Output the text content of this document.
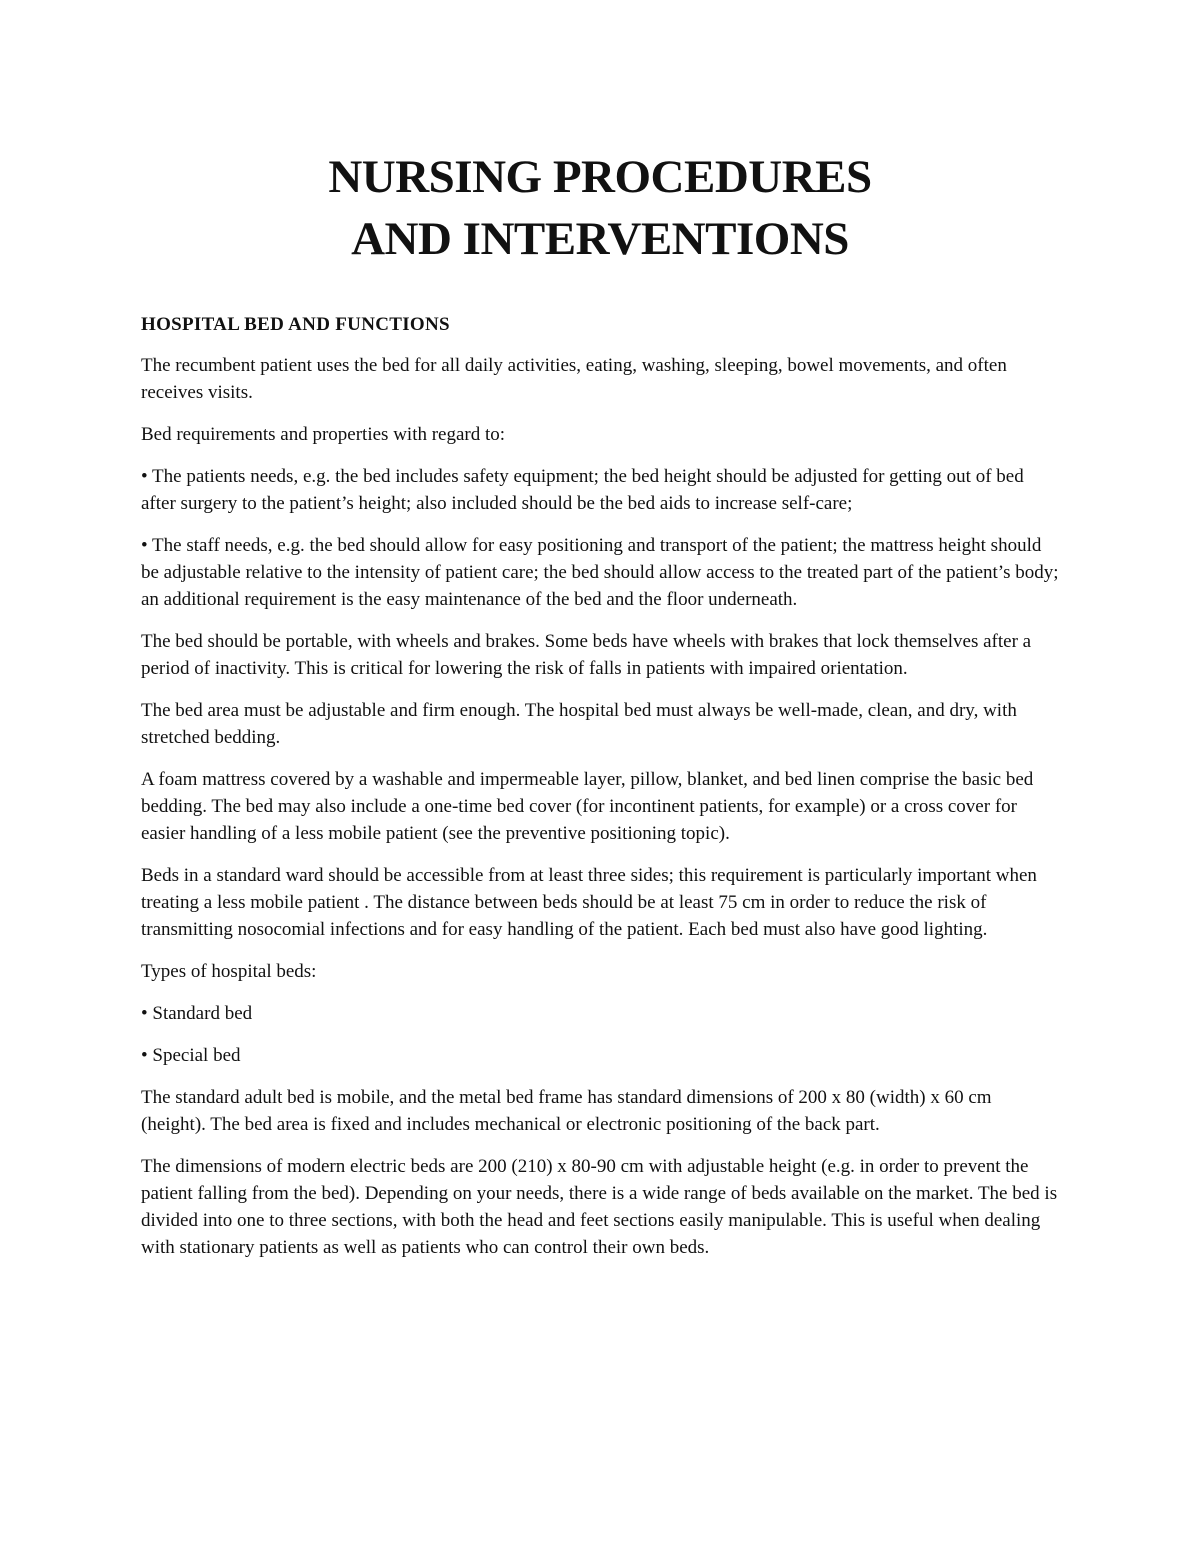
NURSING PROCEDURES
AND INTERVENTIONS

HOSPITAL BED AND FUNCTIONS

The recumbent patient uses the bed for all daily activities, eating, washing, sleeping, bowel movements, and often receives visits.

Bed requirements and properties with regard to:

• The patients needs, e.g. the bed includes safety equipment; the bed height should be adjusted for getting out of bed after surgery to the patient’s height; also included should be the bed aids to increase self-care;

• The staff needs, e.g. the bed should allow for easy positioning and transport of the patient; the mattress height should be adjustable relative to the intensity of patient care; the bed should allow access to the treated part of the patient’s body; an additional requirement is the easy maintenance of the bed and the floor underneath.

The bed should be portable, with wheels and brakes. Some beds have wheels with brakes that lock themselves after a period of inactivity. This is critical for lowering the risk of falls in patients with impaired orientation.

The bed area must be adjustable and firm enough. The hospital bed must always be well-made, clean, and dry, with stretched bedding.

A foam mattress covered by a washable and impermeable layer, pillow, blanket, and bed linen comprise the basic bed bedding. The bed may also include a one-time bed cover (for incontinent patients, for example) or a cross cover for easier handling of a less mobile patient (see the preventive positioning topic).

Beds in a standard ward should be accessible from at least three sides; this requirement is particularly important when treating a less mobile patient . The distance between beds should be at least 75 cm in order to reduce the risk of transmitting nosocomial infections and for easy handling of the patient. Each bed must also have good lighting.

Types of hospital beds:

• Standard bed

• Special bed

The standard adult bed is mobile, and the metal bed frame has standard dimensions of 200 x 80 (width) x 60 cm (height). The bed area is fixed and includes mechanical or electronic positioning of the back part.

The dimensions of modern electric beds are 200 (210) x 80-90 cm with adjustable height (e.g. in order to prevent the patient falling from the bed). Depending on your needs, there is a wide range of beds available on the market. The bed is divided into one to three sections, with both the head and feet sections easily manipulable. This is useful when dealing with stationary patients as well as patients who can control their own beds.
